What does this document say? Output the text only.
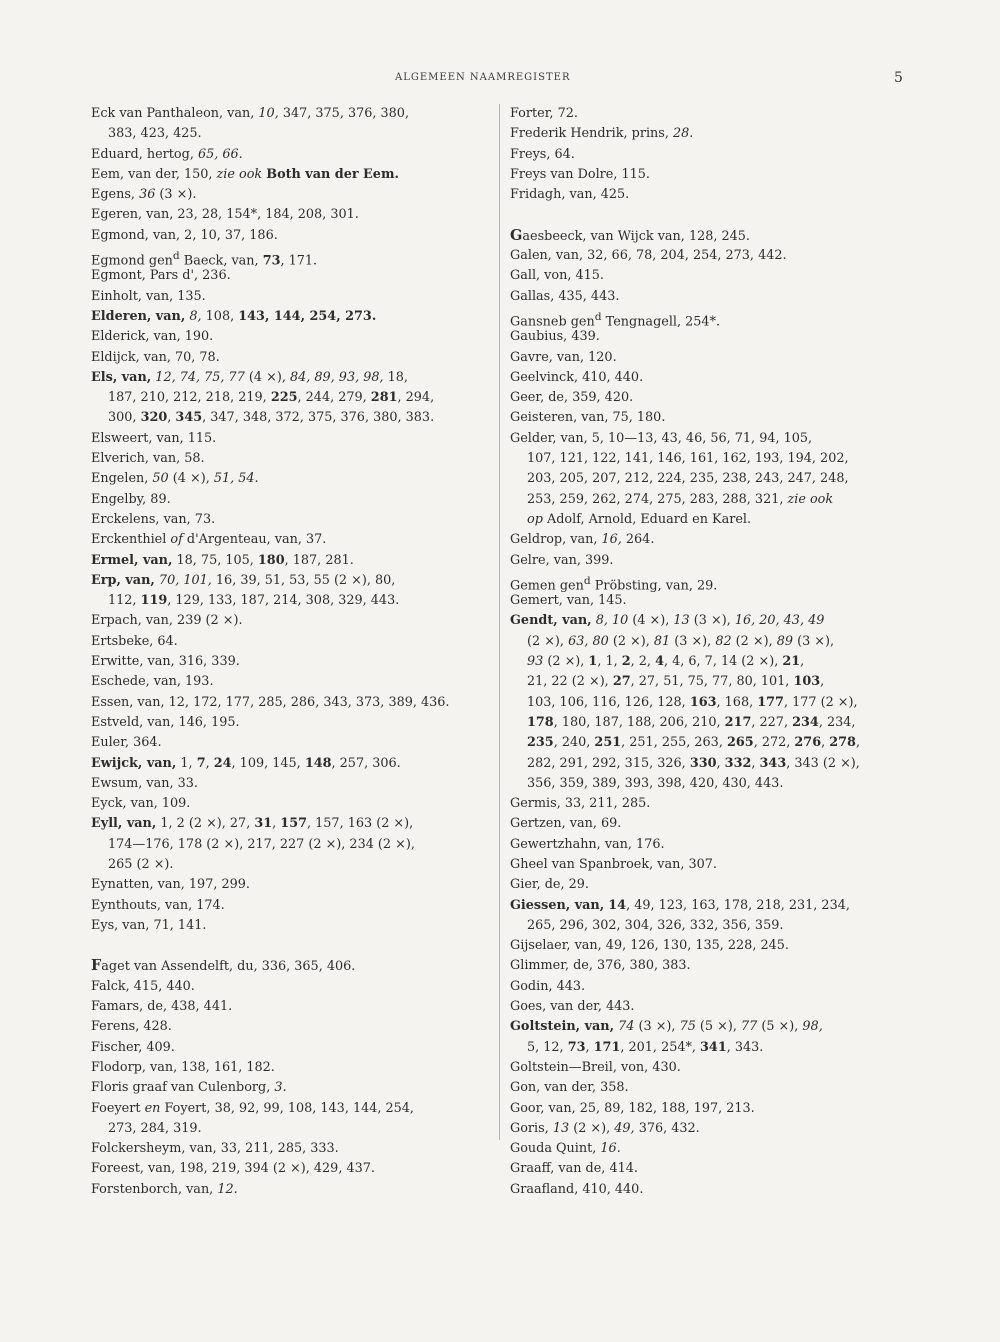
ALGEMEEN NAAMREGISTER	5
Eck van Panthaleon, van, 10, 347, 375, 376, 380,
383, 423, 425.
Eduard, hertog, 65, 66.
Eem, van der, 150, zie ook Both van der Eem.
Egens, 36 (3 ×).
Egeren, van, 23, 28, 154*, 184, 208, 301.
Egmond, van, 2, 10, 37, 186.
Egmond gen$^d$ Baeck, van, 73, 171.
Egmont, Pars d', 236.
Einholt, van, 135.
Elderen, van, 8, 108, 143, 144, 254, 273.
Elderick, van, 190.
Eldijck, van, 70, 78.
Els, van, 12, 74, 75, 77 (4 ×), 84, 89, 93, 98, 18,
187, 210, 212, 218, 219, 225, 244, 279, 281, 294,
300, 320, 345, 347, 348, 372, 375, 376, 380, 383.
Elsweert, van, 115.
Elverich, van, 58.
Engelen, 50 (4 ×), 51, 54.
Engelby, 89.
Erckelens, van, 73.
Erckenthiel of d'Argenteau, van, 37.
Ermel, van, 18, 75, 105, 180, 187, 281.
Erp, van, 70, 101, 16, 39, 51, 53, 55 (2 ×), 80,
112, 119, 129, 133, 187, 214, 308, 329, 443.
Erpach, van, 239 (2 ×).
Ertsbeke, 64.
Erwitte, van, 316, 339.
Eschede, van, 193.
Essen, van, 12, 172, 177, 285, 286, 343, 373, 389, 436.
Estveld, van, 146, 195.
Euler, 364.
Ewijck, van, 1, 7, 24, 109, 145, 148, 257, 306.
Ewsum, van, 33.
Eyck, van, 109.
Eyll, van, 1, 2 (2 ×), 27, 31, 157, 157, 163 (2 ×),
174—176, 178 (2 ×), 217, 227 (2 ×), 234 (2 ×),
265 (2 ×).
Eynatten, van, 197, 299.
Eynthouts, van, 174.
Eys, van, 71, 141.
Faget van Assendelft, du, 336, 365, 406.
Falck, 415, 440.
Famars, de, 438, 441.
Ferens, 428.
Fischer, 409.
Flodorp, van, 138, 161, 182.
Floris graaf van Culenborg, 3.
Foeyert en Foyert, 38, 92, 99, 108, 143, 144, 254,
273, 284, 319.
Folckersheym, van, 33, 211, 285, 333.
Foreest, van, 198, 219, 394 (2 ×), 429, 437.
Forstenborch, van, 12.
Forter, 72.
Frederik Hendrik, prins, 28.
Freys, 64.
Freys van Dolre, 115.
Fridagh, van, 425.
Gaesbeeck, van Wijck van, 128, 245.
Galen, van, 32, 66, 78, 204, 254, 273, 442.
Gall, von, 415.
Gallas, 435, 443.
Gansneb gen$^d$ Tengnagell, 254*.
Gaubius, 439.
Gavre, van, 120.
Geelvinck, 410, 440.
Geer, de, 359, 420.
Geisteren, van, 75, 180.
Gelder, van, 5, 10—13, 43, 46, 56, 71, 94, 105,
107, 121, 122, 141, 146, 161, 162, 193, 194, 202,
203, 205, 207, 212, 224, 235, 238, 243, 247, 248,
253, 259, 262, 274, 275, 283, 288, 321, zie ook
op Adolf, Arnold, Eduard en Karel.
Geldrop, van, 16, 264.
Gelre, van, 399.
Gemen gen$^d$ Pröbsting, van, 29.
Gemert, van, 145.
Gendt, van, 8, 10 (4 ×), 13 (3 ×), 16, 20, 43, 49
(2 ×), 63, 80 (2 ×), 81 (3 ×), 82 (2 ×), 89 (3 ×),
93 (2 ×), 1, 1, 2, 2, 4, 4, 6, 7, 14 (2 ×), 21,
21, 22 (2 ×), 27, 27, 51, 75, 77, 80, 101, 103,
103, 106, 116, 126, 128, 163, 168, 177, 177 (2 ×),
178, 180, 187, 188, 206, 210, 217, 227, 234, 234,
235, 240, 251, 251, 255, 263, 265, 272, 276, 278,
282, 291, 292, 315, 326, 330, 332, 343, 343 (2 ×),
356, 359, 389, 393, 398, 420, 430, 443.
Germis, 33, 211, 285.
Gertzen, van, 69.
Gewertzhahn, van, 176.
Gheel van Spanbroek, van, 307.
Gier, de, 29.
Giessen, van, 14, 49, 123, 163, 178, 218, 231, 234,
265, 296, 302, 304, 326, 332, 356, 359.
Gijselaer, van, 49, 126, 130, 135, 228, 245.
Glimmer, de, 376, 380, 383.
Godin, 443.
Goes, van der, 443.
Goltstein, van, 74 (3 ×), 75 (5 ×), 77 (5 ×), 98,
5, 12, 73, 171, 201, 254*, 341, 343.
Goltstein—Breil, von, 430.
Gon, van der, 358.
Goor, van, 25, 89, 182, 188, 197, 213.
Goris, 13 (2 ×), 49, 376, 432.
Gouda Quint, 16.
Graaff, van de, 414.
Graafland, 410, 440.
